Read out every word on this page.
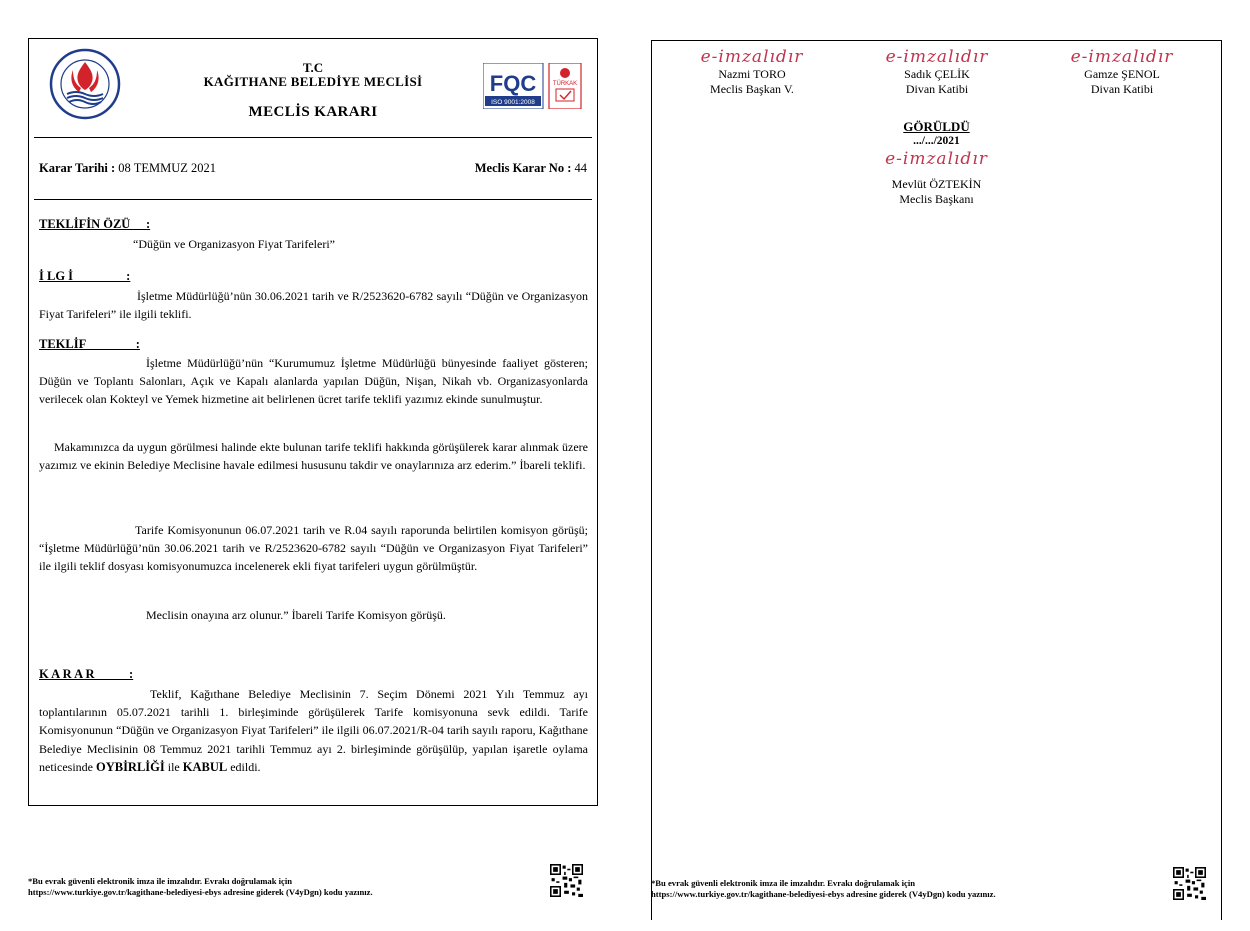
T.C
KAĞITHANE BELEDİYE MECLİSİ
MECLİS KARARI
FQC
ISO 9001:2008
TÜRKAK
Karar Tarihi : 08 TEMMUZ 2021	Meclis Karar No : 44
TEKLİFİN ÖZÜ     :
“Düğün ve Organizasyon Fiyat Tarifeleri”
İ LG İ                 :
İşletme Müdürlüğü’nün 30.06.2021 tarih ve R/2523620-6782 sayılı “Düğün ve Organizasyon Fiyat Tarifeleri” ile ilgili teklifi.
TEKLİF                :
İşletme Müdürlüğü’nün “Kurumumuz İşletme Müdürlüğü bünyesinde faaliyet gösteren; Düğün ve Toplantı Salonları, Açık ve Kapalı alanlarda yapılan Düğün, Nişan, Nikah vb. Organizasyonlarda verilecek olan Kokteyl ve Yemek hizmetine ait belirlenen ücret tarife teklifi yazımız ekinde sunulmuştur.
Makamınızca da uygun görülmesi halinde ekte bulunan tarife teklifi hakkında görüşülerek karar alınmak üzere yazımız ve ekinin Belediye Meclisine havale edilmesi hususunu takdir ve onaylarınıza arz ederim.” İbareli teklifi.
Tarife Komisyonunun 06.07.2021 tarih ve R.04 sayılı raporunda belirtilen komisyon görüşü; “İşletme Müdürlüğü’nün 30.06.2021 tarih ve R/2523620-6782 sayılı “Düğün ve Organizasyon Fiyat Tarifeleri” ile ilgili teklif dosyası komisyonumuzca incelenerek ekli fiyat tarifeleri uygun görülmüştür.
Meclisin onayına arz olunur.” İbareli Tarife Komisyon görüşü.
K A R A R           :
Teklif, Kağıthane Belediye Meclisinin 7. Seçim Dönemi 2021 Yılı Temmuz ayı toplantılarının 05.07.2021 tarihli 1. birleşiminde görüşülerek Tarife komisyonuna sevk edildi. Tarife Komisyonunun “Düğün ve Organizasyon Fiyat Tarifeleri” ile ilgili 06.07.2021/R-04 tarih sayılı raporu, Kağıthane Belediye Meclisinin 08 Temmuz 2021 tarihli Temmuz ayı 2. birleşiminde görüşülüp, yapılan işaretle oylama neticesinde OYBİRLİĞİ ile KABUL edildi.
*Bu evrak güvenli elektronik imza ile imzalıdır. Evrakı doğrulamak için
https://www.turkiye.gov.tr/kagithane-belediyesi-ebys adresine giderek (V4yDgn) kodu yazınız.
e-imzalıdır
Nazmi TORO
Meclis Başkan V.
e-imzalıdır
Sadık ÇELİK
Divan Katibi
e-imzalıdır
Gamze ŞENOL
Divan Katibi
GÖRÜLDÜ
.../.../2021
e-imzalıdır
Mevlüt ÖZTEKİN
Meclis Başkanı
*Bu evrak güvenli elektronik imza ile imzalıdır. Evrakı doğrulamak için
https://www.turkiye.gov.tr/kagithane-belediyesi-ebys adresine giderek (V4yDgn) kodu yazınız.
